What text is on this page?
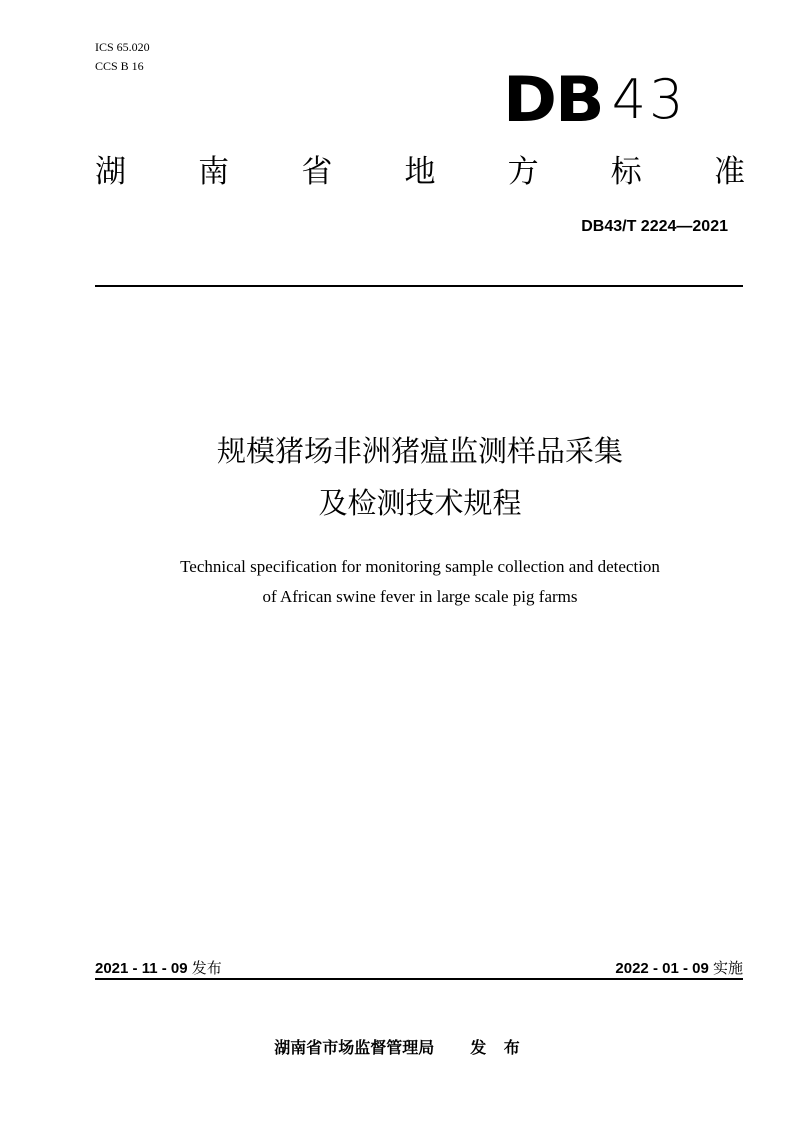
ICS 65.020
CCS B 16	DB 43
湖 南 省 地 方 标 准
DB43/T 2224—2021
规模猪场非洲猪瘟监测样品采集
及检测技术规程
Technical specification for monitoring sample collection and detection
of African swine fever in large scale pig farms
2021 - 11 - 09 发布	2022 - 01 - 09 实施
湖南省市场监督管理局 发 布
